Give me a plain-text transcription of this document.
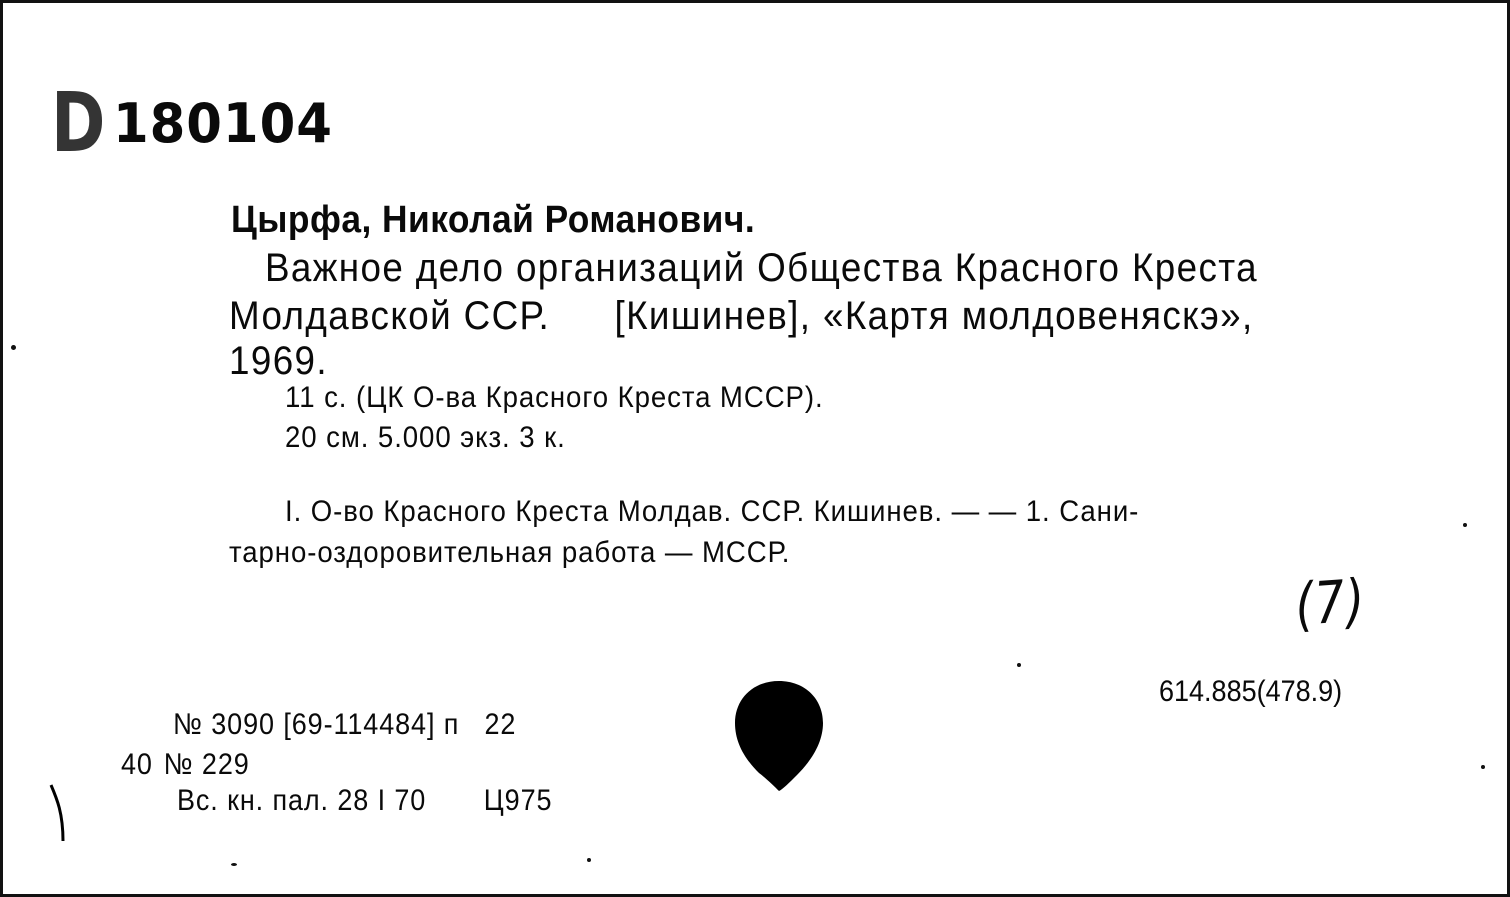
D 180104
Цырфа, Николай Романович.
Важное дело организаций Общества Красного Креста
Молдавской ССР. [Кишинев], «Картя молдовеняскэ»,
1969.
11 с. (ЦК О-ва Красного Креста МССР).
20 см. 5.000 экз. 3 к.
I. О-во Красного Креста Молдав. ССР. Кишинев. — — 1. Сани-
тарно-оздоровительная работа — МССР.
(7)
614.885(478.9)
№ 3090 [69-114484] п 22
40 № 229
Вс. кн. пал. 28 I 70 Ц975
